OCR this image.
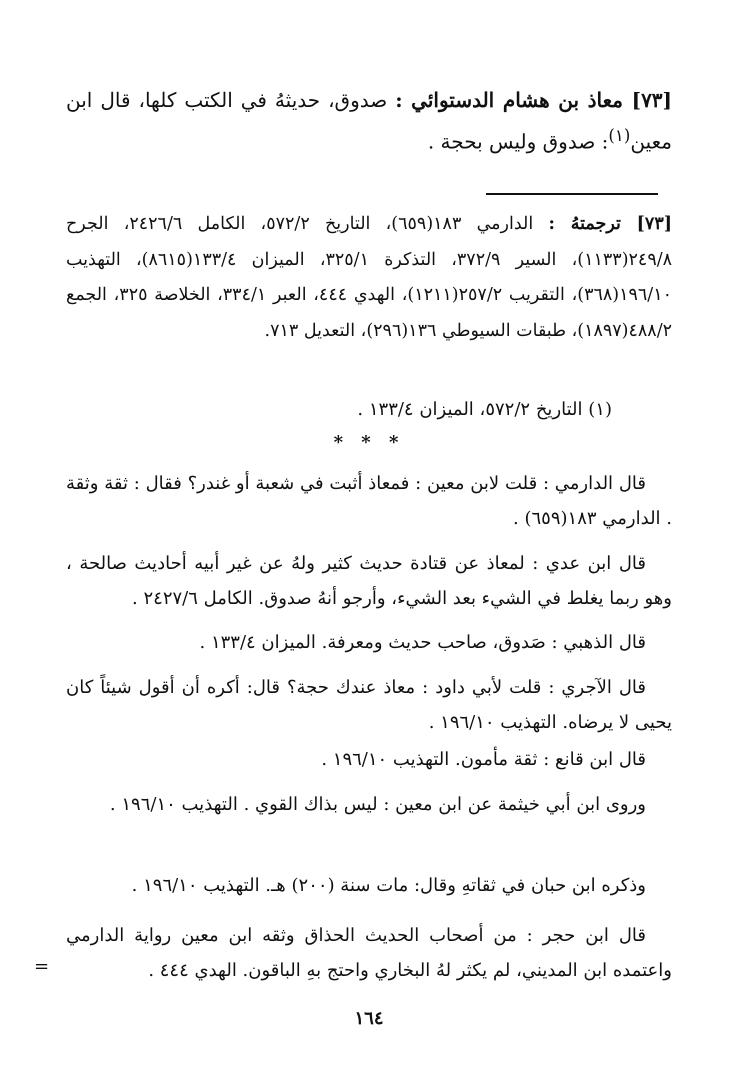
[٧٣] معاذ بن هشام الدستوائي : صدوق، حديثهُ في الكتب كلها، قال ابن معين$^{(١)}$: صدوق وليس بحجة .

[٧٣] ترجمتهُ : الدارمي ١٨٣(٦٥٩)، التاريخ ٥٧٢/٢، الكامل ٢٤٢٦/٦، الجرح ٢٤٩/٨(١١٣٣)، السير ٣٧٢/٩، التذكرة ٣٢٥/١، الميزان ١٣٣/٤(٨٦١٥)، التهذيب ١٩٦/١٠(٣٦٨)، التقريب ٢٥٧/٢(١٢١١)، الهدي ٤٤٤، العبر ٣٣٤/١، الخلاصة ٣٢٥، الجمع ٤٨٨/٢(١٨٩٧)، طبقات السيوطي ١٣٦(٢٩٦)، التعديل ٧١٣.

(١) التاريخ ٥٧٢/٢، الميزان ١٣٣/٤ .

* * *

قال الدارمي : قلت لابن معين : فمعاذ أثبت في شعبة أو غندر؟ فقال : ثقة وثقة . الدارمي ١٨٣(٦٥٩) .

قال ابن عدي : لمعاذ عن قتادة حديث كثير ولهُ عن غير أبيه أحاديث صالحة ، وهو ربما يغلط في الشيء بعد الشيء، وأرجو أنهُ صدوق. الكامل ٢٤٢٧/٦ .

قال الذهبي : صَدوق، صاحب حديث ومعرفة. الميزان ١٣٣/٤ .

قال الآجري : قلت لأبي داود : معاذ عندك حجة؟ قال: أكره أن أقول شيئاً كان يحيى لا يرضاه. التهذيب ١٩٦/١٠ .

قال ابن قانع : ثقة مأمون. التهذيب ١٩٦/١٠ .

وروى ابن أبي خيثمة عن ابن معين : ليس بذاك القوي . التهذيب ١٩٦/١٠ .

وذكره ابن حبان في ثقاتهِ وقال: مات سنة (٢٠٠) هـ. التهذيب ١٩٦/١٠ .

قال ابن حجر : من أصحاب الحديث الحذاق وثقه ابن معين رواية الدارمي واعتمده ابن المديني، لم يكثر لهُ البخاري واحتج بهِ الباقون. الهدي ٤٤٤ .

=
١٦٤
